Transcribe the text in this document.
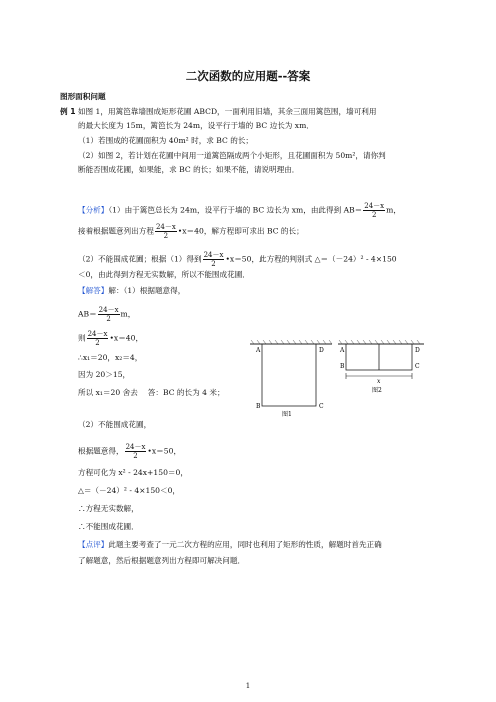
二次函数的应用题--答案
图形面积问题
例 1 如图 1，用篱笆靠墙围成矩形花圃 ABCD，一面利用旧墙，其余三面用篱笆围，墙可利用
的最大长度为 15m，篱笆长为 24m，设平行于墙的 BC 边长为 xm．
（1）若围成的花圃面积为 40m² 时，求 BC 的长；
（2）如图 2，若计划在花圃中间用一道篱笆隔成两个小矩形，且花圃面积为 50m²，请你判
断能否围成花圃，如果能，求 BC 的长；如果不能，请说明理由．
【分析】（1）由于篱笆总长为 24m，设平行于墙的 BC 边长为 xm，由此得到 $AB= \frac{24-x}{2}$ m，
接着根据题意列出方程 $\frac{24-x}{2}$ •x＝40，解方程即可求出 BC 的长；
（2）不能围成花圃；根据（1）得到 $\frac{24-x}{2}$ •x＝50，此方程的判别式 △＝（－24）² - 4×150
＜0，由此得到方程无实数解，所以不能围成花圃．
【解答】解：（1）根据题意得，
$AB= \frac{24-x}{2}$ m，
则 $\frac{24-x}{2}$ •x＝40，
∴x₁＝20，x₂＝4，
因为 20＞15，
所以 x₁＝20 舍去　 答：BC 的长为 4 米；
（2）不能围成花圃，
根据题意得， $\frac{24-x}{2}$ •x＝50，
方程可化为 x² - 24x+150＝0，
△＝（－24）² - 4×150＜0，
∴方程无实数解，
∴不能围成花圃．
【点评】此题主要考查了一元二次方程的应用，同时也利用了矩形的性质，解题时首先正确
了解题意，然后根据题意列出方程即可解决问题．
A	D
B	C
图1
A	D
B	C
x
图2
1
